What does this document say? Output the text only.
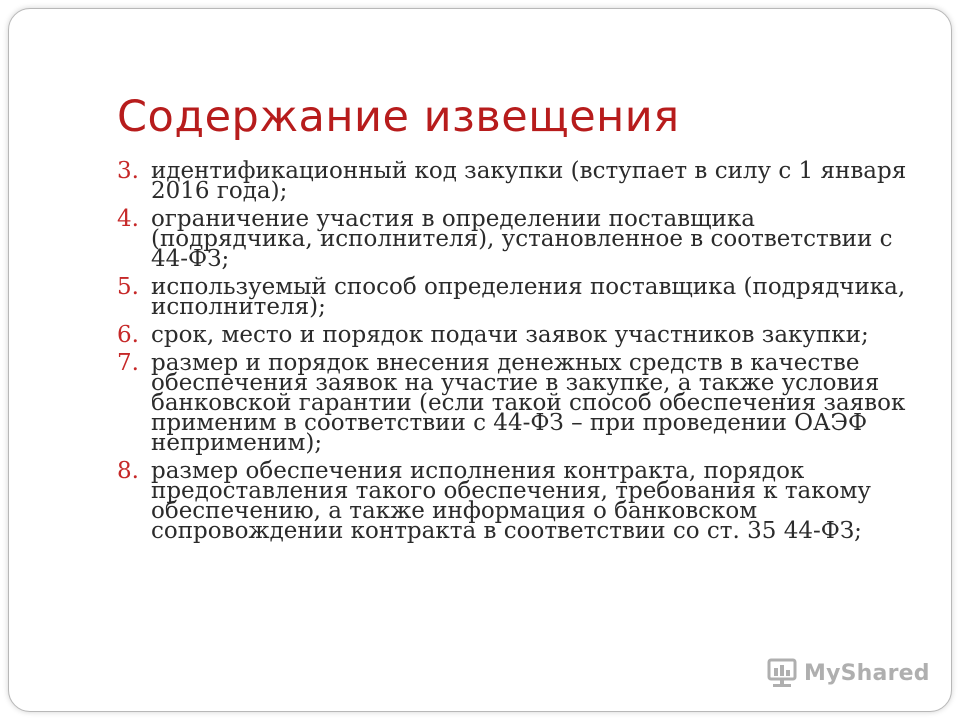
Содержание извещения
3. идентификационный код закупки (вступает в силу с 1 января 2016 года);
4. ограничение участия в определении поставщика (подрядчика, исполнителя), установленное в соответствии с 44-ФЗ;
5. используемый способ определения поставщика (подрядчика, исполнителя);
6. срок, место и порядок подачи заявок участников закупки;
7. размер и порядок внесения денежных средств в качестве обеспечения заявок на участие в закупке, а также условия банковской гарантии (если такой способ обеспечения заявок применим в соответствии с 44-ФЗ – при проведении ОАЭФ неприменим);
8. размер обеспечения исполнения контракта, порядок предоставления такого обеспечения, требования к такому обеспечению, а также информация о банковском сопровождении контракта в соответствии со ст. 35 44-ФЗ;
MyShared
